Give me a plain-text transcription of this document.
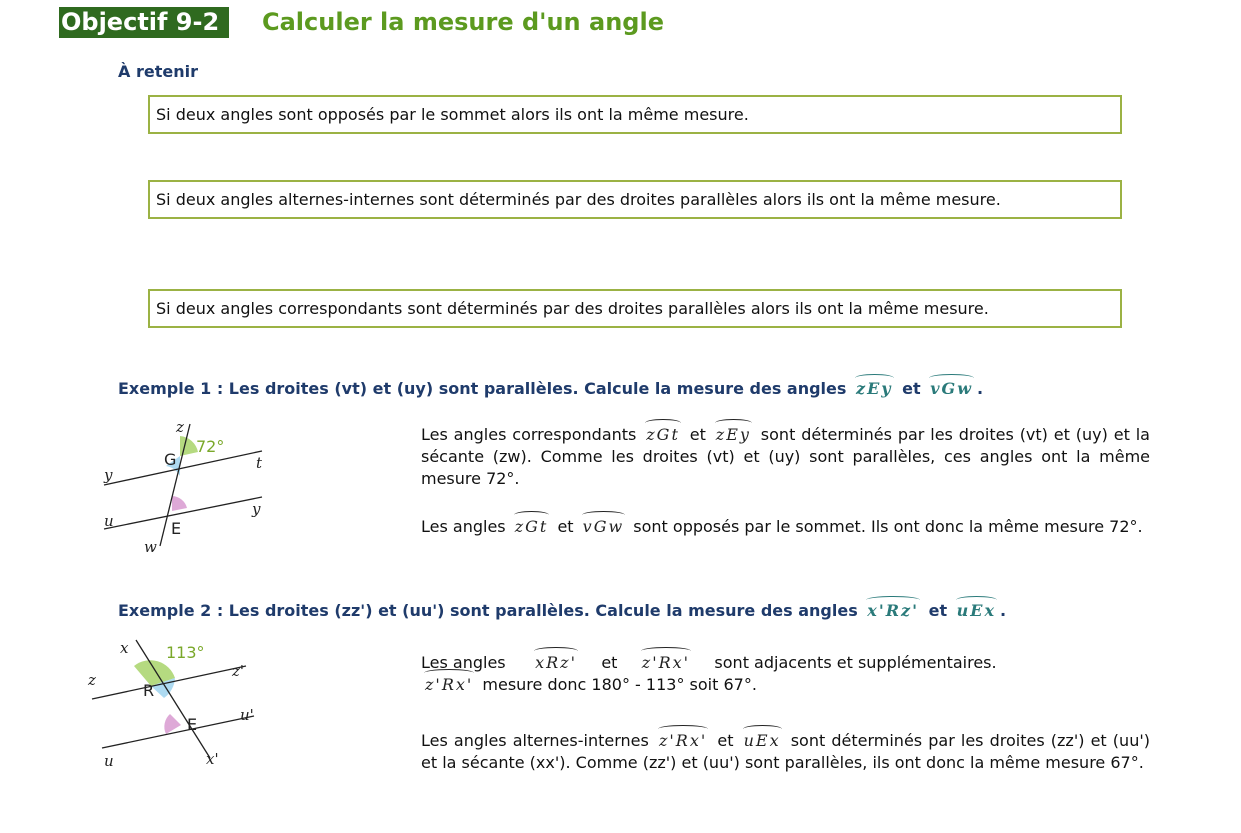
Objectif 9-2	Calculer la mesure d'un angle
À retenir
Si deux angles sont opposés par le sommet alors ils ont la même mesure.
Si deux angles alternes-internes sont déterminés par des droites parallèles alors ils ont la même mesure.
Si deux angles correspondants sont déterminés par des droites parallèles alors ils ont la même mesure.
Exemple 1 : Les droites (vt) et (uy) sont parallèles. Calcule la mesure des angles zEy et vGw .
z
72°
G	t
y
y
u	E
w
Les angles correspondants zGt et zEy sont déterminés par les droites (vt) et (uy) et la sécante (zw). Comme les droites (vt) et (uy) sont parallèles, ces angles ont la même mesure 72°.
Les angles zGt et vGw sont opposés par le sommet. Ils ont donc la même mesure 72°.
Exemple 2 : Les droites (zz') et (uu') sont parallèles. Calcule la mesure des angles x'Rz' et uEx .
x 113°
z'
z
R
E	u'
u	x'
Les angles xRz' et z'Rx' sont adjacents et supplémentaires.
z'Rx' mesure donc 180° - 113° soit 67°.
Les angles alternes-internes z'Rx' et uEx sont déterminés par les droites (zz') et (uu') et la sécante (xx'). Comme (zz') et (uu') sont parallèles, ils ont donc la même mesure 67°.
